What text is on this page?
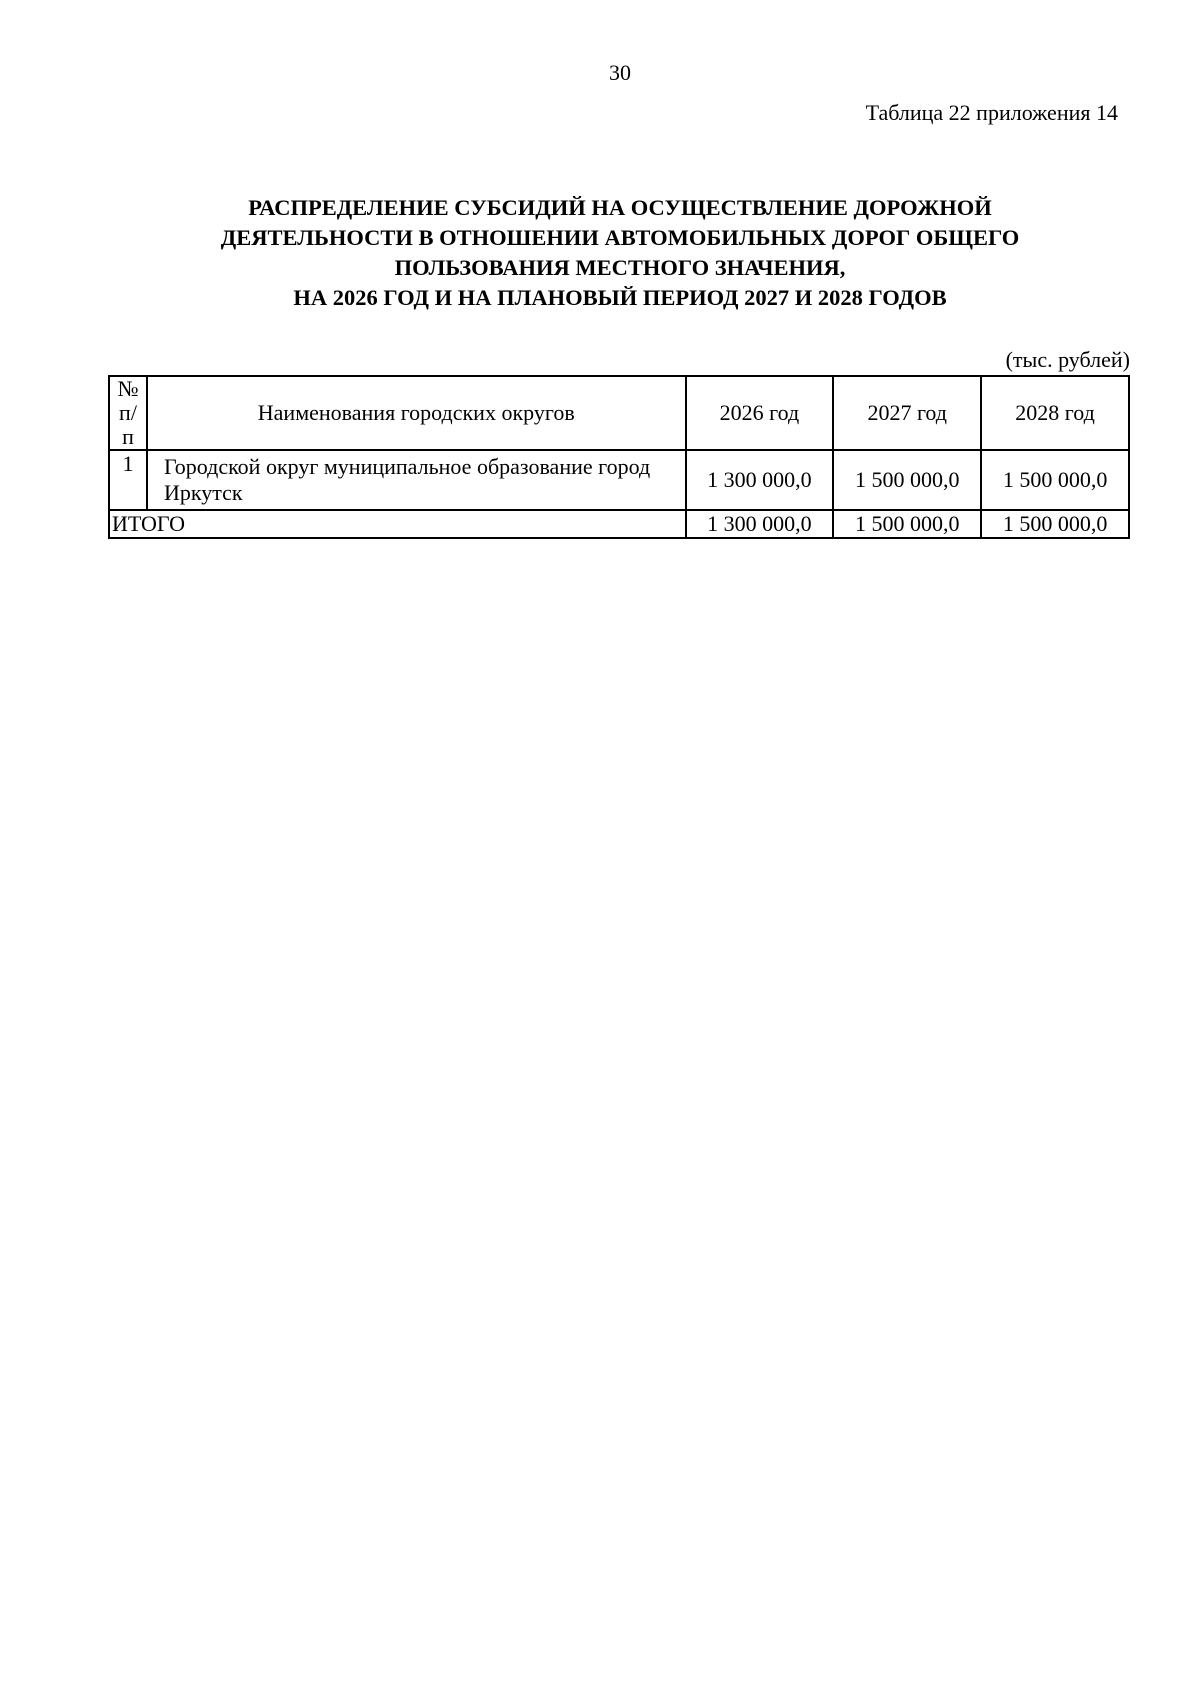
30
Таблица 22 приложения 14
РАСПРЕДЕЛЕНИЕ СУБСИДИЙ НА ОСУЩЕСТВЛЕНИЕ ДОРОЖНОЙ
ДЕЯТЕЛЬНОСТИ В ОТНОШЕНИИ АВТОМОБИЛЬНЫХ ДОРОГ ОБЩЕГО
ПОЛЬЗОВАНИЯ МЕСТНОГО ЗНАЧЕНИЯ,
НА 2026 ГОД И НА ПЛАНОВЫЙ ПЕРИОД 2027 И 2028 ГОДОВ
(тыс. рублей)
№
п/п	Наименования городских округов	2026 год	2027 год	2028 год
1	Городской округ муниципальное образование город Иркутск	1 300 000,0	1 500 000,0	1 500 000,0
ИТОГО		1 300 000,0	1 500 000,0	1 500 000,0
